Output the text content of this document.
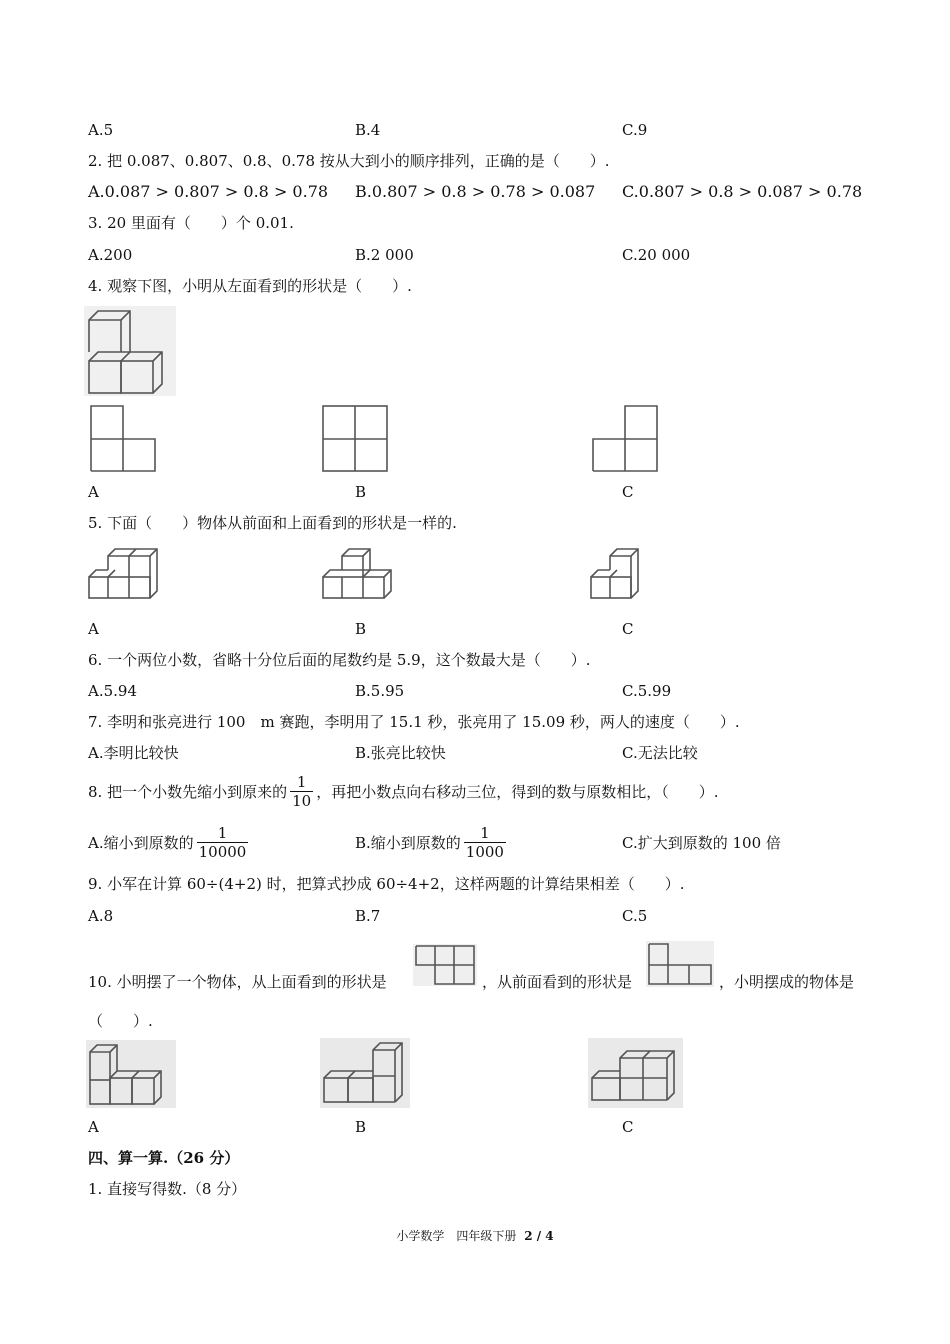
A.5	B.4	C.9
2. 把 0.087、0.807、0.8、0.78 按从大到小的顺序排列，正确的是（　　）.
A.0.087 > 0.807 > 0.8 > 0.78 B.0.807 > 0.8 > 0.78 > 0.087 C.0.807 > 0.8 > 0.087 > 0.78
3. 20 里面有（　　）个 0.01.
A.200	B.2 000	C.20 000
4. 观察下图，小明从左面看到的形状是（　　）.
A	B	C
5. 下面（　　）物体从前面和上面看到的形状是一样的.
A	B	C
6. 一个两位小数，省略十分位后面的尾数约是 5.9，这个数最大是（　　）.
A.5.94	B.5.95	C.5.99
7. 李明和张亮进行 100　m 赛跑，李明用了 15.1 秒，张亮用了 15.09 秒，两人的速度（　　）.
A.李明比较快	B.张亮比较快	C.无法比较
8. 把一个小数先缩小到原来的 $\frac{1}{10}$ ，再把小数点向右移动三位，得到的数与原数相比，（　　）.
A.缩小到原数的 $\frac{1}{10000}$	B.缩小到原数的 $\frac{1}{1000}$	C.扩大到原数的 100 倍
9. 小军在计算 60÷(4+2) 时，把算式抄成 60÷4+2，这样两题的计算结果相差（　　）.
A.8	B.7	C.5
10. 小明摆了一个物体，从上面看到的形状是	，从前面看到的形状是	，小明摆成的物体是
（　　）.
A	B	C
四、算一算.（26 分）
1. 直接写得数.（8 分）
小学数学　四年级下册 2 / 4
